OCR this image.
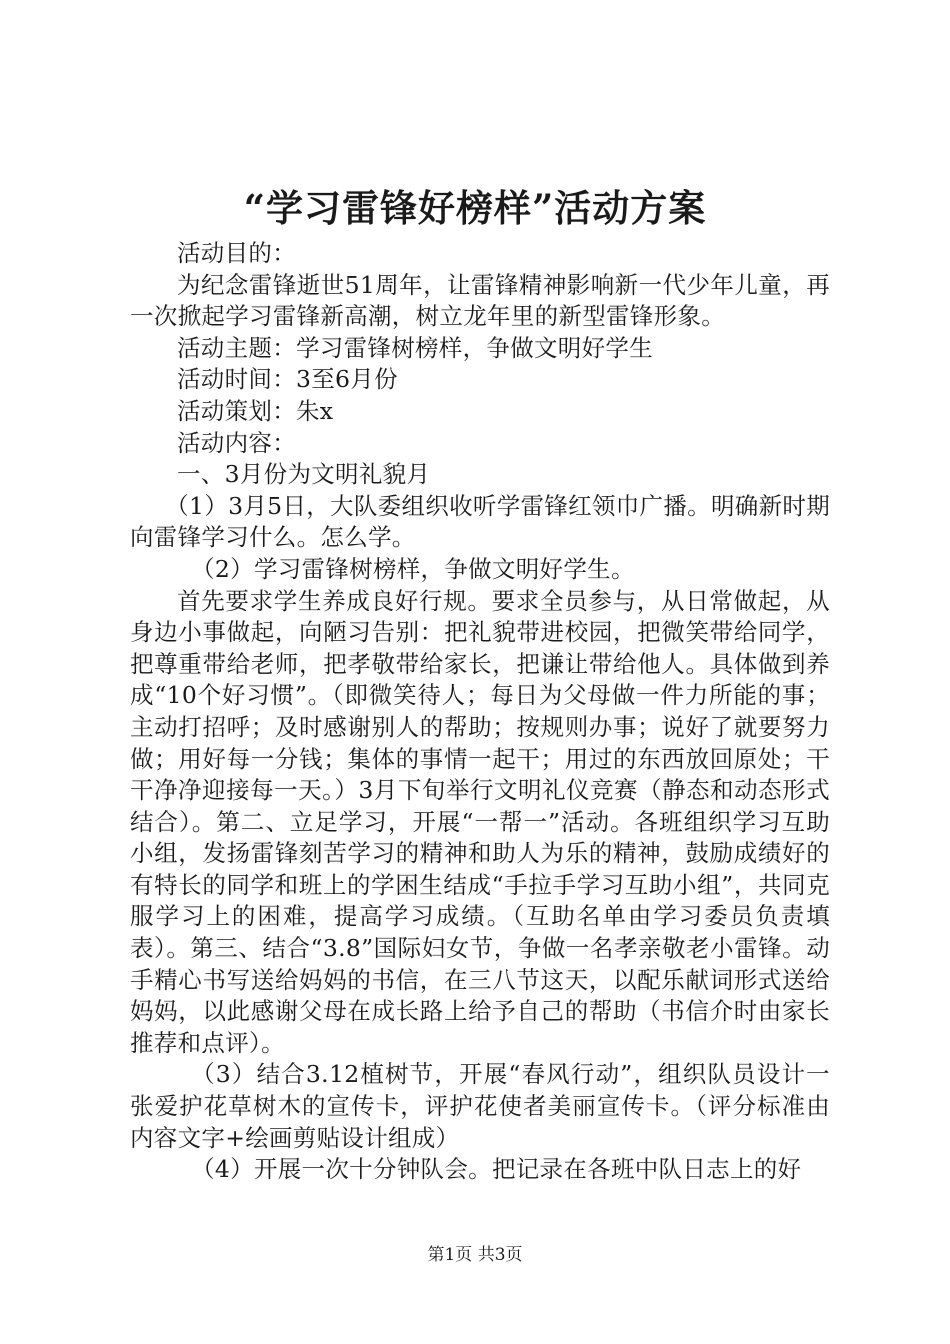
“学习雷锋好榜样”活动方案

活动目的：

为纪念雷锋逝世51周年，让雷锋精神影响新一代少年儿童，再一次掀起学习雷锋新高潮，树立龙年里的新型雷锋形象。

活动主题：学习雷锋树榜样，争做文明好学生

活动时间：3至6月份

活动策划：朱x

活动内容：

一、3月份为文明礼貌月

（1）3月5日，大队委组织收听学雷锋红领巾广播。明确新时期向雷锋学习什么。怎么学。

（2）学习雷锋树榜样，争做文明好学生。

首先要求学生养成良好行规。要求全员参与，从日常做起，从身边小事做起，向陋习告别：把礼貌带进校园，把微笑带给同学，把尊重带给老师，把孝敬带给家长，把谦让带给他人。具体做到养成“10个好习惯”。（即微笑待人；每日为父母做一件力所能的事；主动打招呼；及时感谢别人的帮助；按规则办事；说好了就要努力做；用好每一分钱；集体的事情一起干；用过的东西放回原处；干干净净迎接每一天。）3月下旬举行文明礼仪竞赛（静态和动态形式结合）。第二、立足学习，开展“一帮一”活动。各班组织学习互助小组，发扬雷锋刻苦学习的精神和助人为乐的精神，鼓励成绩好的有特长的同学和班上的学困生结成“手拉手学习互助小组”，共同克服学习上的困难，提高学习成绩。（互助名单由学习委员负责填表）。第三、结合“3.8”国际妇女节，争做一名孝亲敬老小雷锋。动手精心书写送给妈妈的书信，在三八节这天，以配乐献词形式送给妈妈，以此感谢父母在成长路上给予自己的帮助（书信介时由家长推荐和点评）。

（3）结合3.12植树节，开展“春风行动”，组织队员设计一张爱护花草树木的宣传卡，评护花使者美丽宣传卡。（评分标准由内容文字+绘画剪贴设计组成）

（4）开展一次十分钟队会。把记录在各班中队日志上的好

第1页 共3页
